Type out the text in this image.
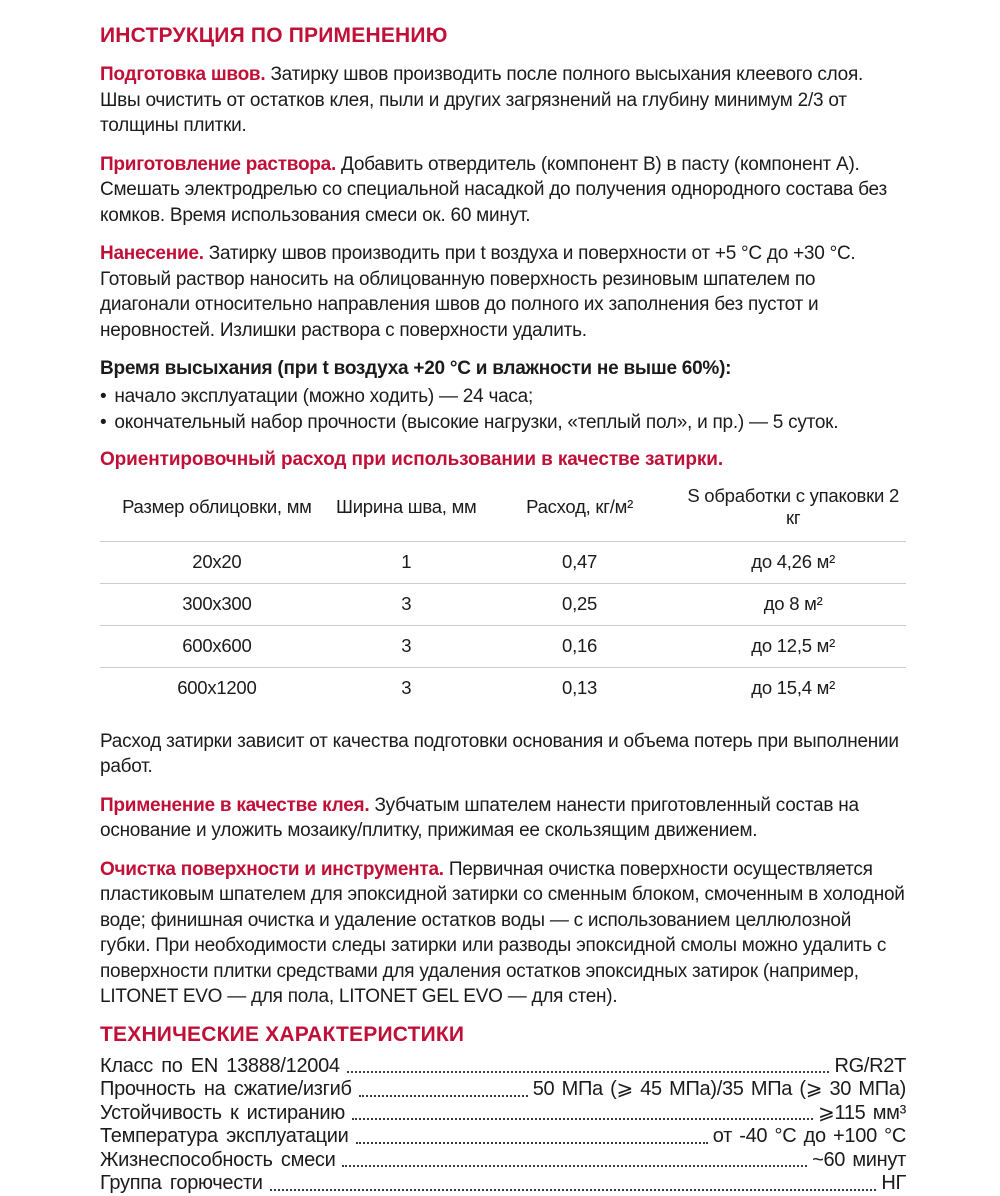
ИНСТРУКЦИЯ ПО ПРИМЕНЕНИЮ

Подготовка швов. Затирку швов производить после полного высыхания клеевого слоя. Швы очистить от остатков клея, пыли и других загрязнений на глубину минимум 2/3 от толщины плитки.

Приготовление раствора. Добавить отвердитель (компонент B) в пасту (компонент A). Смешать электродрелью со специальной насадкой до получения однородного состава без комков. Время использования смеси ок. 60 минут.

Нанесение. Затирку швов производить при t воздуха и поверхности от +5 °C до +30 °C. Готовый раствор наносить на облицованную поверхность резиновым шпателем по диагонали относительно направления швов до полного их заполнения без пустот и неровностей. Излишки раствора с поверхности удалить.

Время высыхания (при t воздуха +20 °C и влажности не выше 60%):

• начало эксплуатации (можно ходить) — 24 часа;
• окончательный набор прочности (высокие нагрузки, «теплый пол», и пр.) — 5 суток.

Ориентировочный расход при использовании в качестве затирки.

Размер облицовки, мм	Ширина шва, мм	Расход, кг/м²	S обработки с упаковки 2 кг
20х20	1	0,47	до 4,26 м²
300х300	3	0,25	до 8 м²
600х600	3	0,16	до 12,5 м²
600х1200	3	0,13	до 15,4 м²

Расход затирки зависит от качества подготовки основания и объема потерь при выполнении работ.

Применение в качестве клея. Зубчатым шпателем нанести приготовленный состав на основание и уложить мозаику/плитку, прижимая ее скользящим движением.

Очистка поверхности и инструмента. Первичная очистка поверхности осуществляется пластиковым шпателем для эпоксидной затирки со сменным блоком, смоченным в холодной воде; финишная очистка и удаление остатков воды — с использованием целлюлозной губки. При необходимости следы затирки или разводы эпоксидной смолы можно удалить с поверхности плитки средствами для удаления остатков эпоксидных затирок (например, LITONET EVO — для пола, LITONET GEL EVO — для стен).

ТЕХНИЧЕСКИЕ ХАРАКТЕРИСТИКИ
Класс по EN 13888/12004	RG/R2T
Прочность на сжатие/изгиб	50 МПа (⩾ 45 МПа)/35 МПа (⩾ 30 МПа)
Устойчивость к истиранию	⩾115 мм³
Температура эксплуатации	от -40 °C до +100 °C
Жизнеспособность смеси	~60 минут
Группа горючести	НГ
